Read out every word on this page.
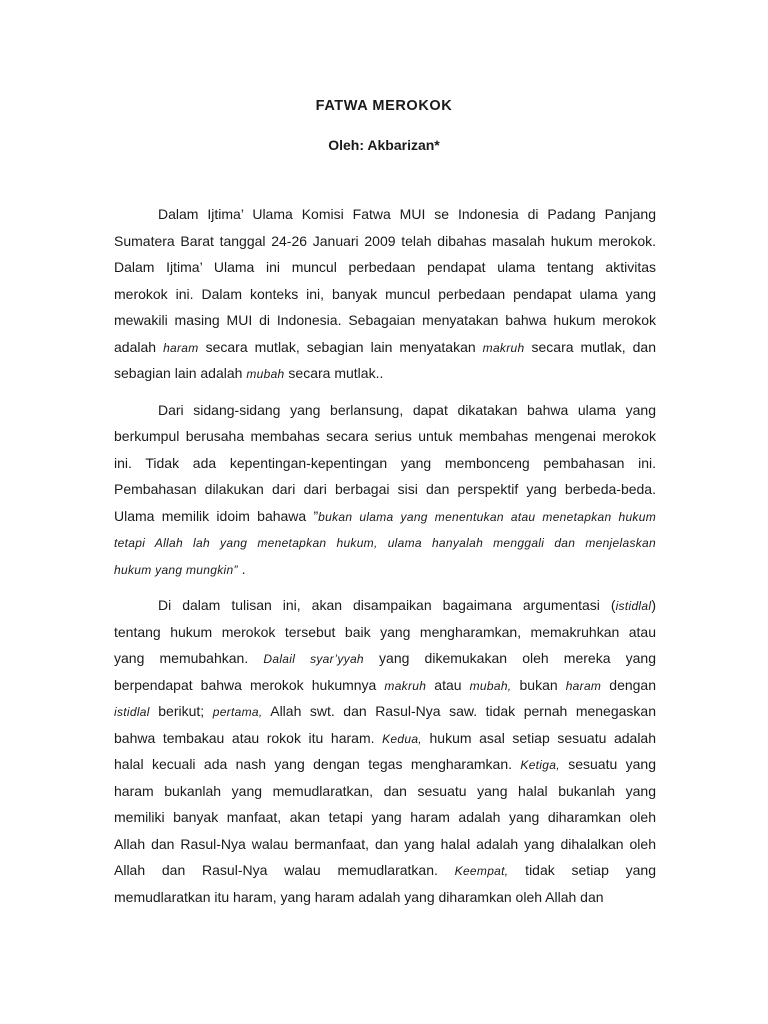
FATWA MEROKOK
Oleh: Akbarizan*
Dalam Ijtima’ Ulama Komisi Fatwa MUI se Indonesia di Padang Panjang
Sumatera Barat tanggal 24-26 Januari 2009 telah dibahas masalah hukum merokok.
Dalam Ijtima’ Ulama ini muncul perbedaan pendapat ulama tentang aktivitas
merokok ini. Dalam konteks ini, banyak muncul perbedaan pendapat ulama yang
mewakili masing MUI di Indonesia. Sebagaian menyatakan bahwa hukum merokok
adalah haram secara mutlak, sebagian lain menyatakan makruh secara mutlak, dan
sebagian lain adalah mubah secara mutlak..
Dari sidang-sidang yang berlansung, dapat dikatakan bahwa ulama yang
berkumpul berusaha membahas secara serius untuk membahas mengenai merokok
ini. Tidak ada kepentingan-kepentingan yang membonceng pembahasan ini.
Pembahasan dilakukan dari dari berbagai sisi dan perspektif yang berbeda-beda.
Ulama memilik idoim bahawa ”bukan ulama yang menentukan atau menetapkan hukum
tetapi Allah lah yang menetapkan hukum, ulama hanyalah menggali dan menjelaskan
hukum yang mungkin” .
Di dalam tulisan ini, akan disampaikan bagaimana argumentasi (istidlal)
tentang hukum merokok tersebut baik yang mengharamkan, memakruhkan atau
yang memubahkan. Dalail syar’yyah yang dikemukakan oleh mereka yang
berpendapat bahwa merokok hukumnya makruh atau mubah, bukan haram dengan
istidlal berikut; pertama, Allah swt. dan Rasul-Nya saw. tidak pernah menegaskan
bahwa tembakau atau rokok itu haram. Kedua, hukum asal setiap sesuatu adalah
halal kecuali ada nash yang dengan tegas mengharamkan. Ketiga, sesuatu yang
haram bukanlah yang memudlaratkan, dan sesuatu yang halal bukanlah yang
memiliki banyak manfaat, akan tetapi yang haram adalah yang diharamkan oleh
Allah dan Rasul-Nya walau bermanfaat, dan yang halal adalah yang dihalalkan oleh
Allah dan Rasul-Nya walau memudlaratkan. Keempat, tidak setiap yang
memudlaratkan itu haram, yang haram adalah yang diharamkan oleh Allah dan
